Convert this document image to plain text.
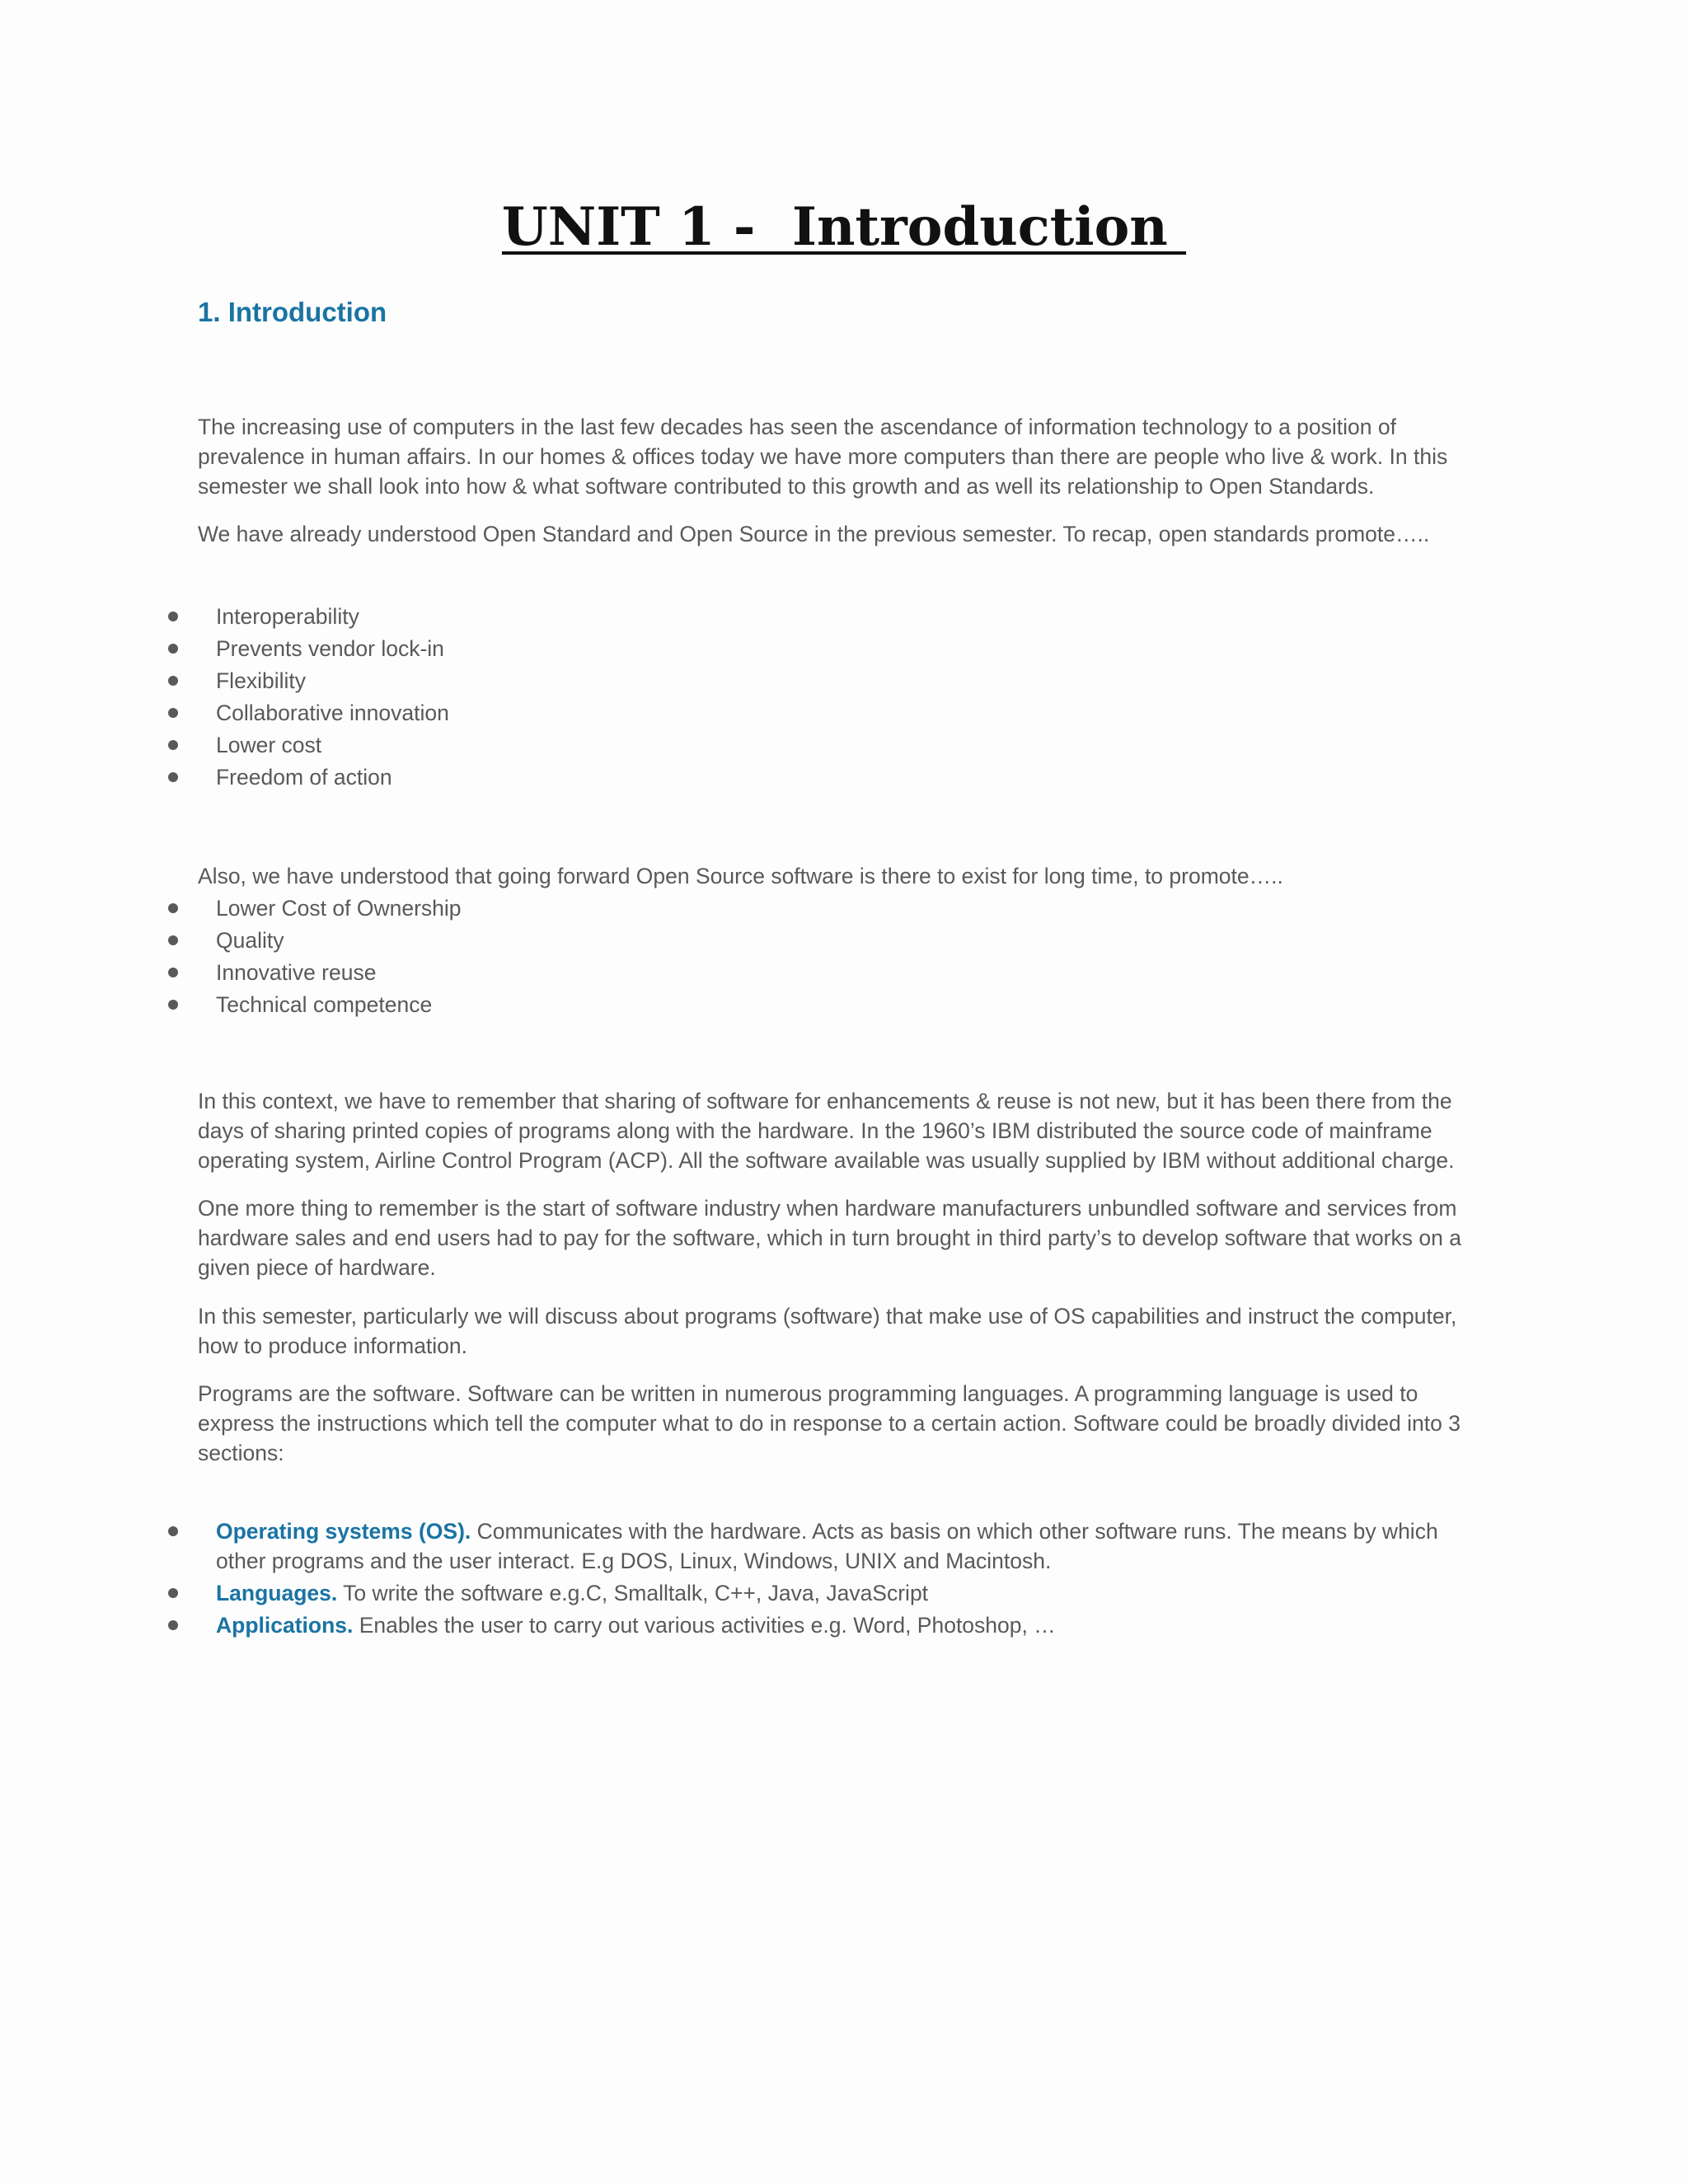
UNIT 1 -  Introduction
1. Introduction

The increasing use of computers in the last few decades has seen the ascendance of information technology to a position of prevalence in human affairs. In our homes & offices today we have more computers than there are people who live & work. In this semester we shall look into how & what software contributed to this growth and as well its relationship to Open Standards.

We have already understood Open Standard and Open Source in the previous semester. To recap, open standards promote…..

Interoperability
Prevents vendor lock-in
Flexibility
Collaborative innovation
Lower cost
Freedom of action

Also, we have understood that going forward Open Source software is there to exist for long time, to promote…..

Lower Cost of Ownership
Quality
Innovative reuse
Technical competence

In this context, we have to remember that sharing of software for enhancements & reuse is not new, but it has been there from the days of sharing printed copies of programs along with the hardware. In the 1960’s IBM distributed the source code of mainframe operating system, Airline Control Program (ACP). All the software available was usually supplied by IBM without additional charge.

One more thing to remember is the start of software industry when hardware manufacturers unbundled software and services from hardware sales and end users had to pay for the software, which in turn brought in third party’s to develop software that works on a given piece of hardware.

In this semester, particularly we will discuss about programs (software) that make use of OS capabilities and instruct the computer, how to produce information.

Programs are the software. Software can be written in numerous programming languages. A programming language is used to express the instructions which tell the computer what to do in response to a certain action. Software could be broadly divided into 3 sections:

Operating systems (OS). Communicates with the hardware. Acts as basis on which other software runs. The means by which other programs and the user interact. E.g DOS, Linux, Windows, UNIX and Macintosh.
Languages. To write the software e.g.C, Smalltalk, C++, Java, JavaScript
Applications. Enables the user to carry out various activities e.g. Word, Photoshop, …
